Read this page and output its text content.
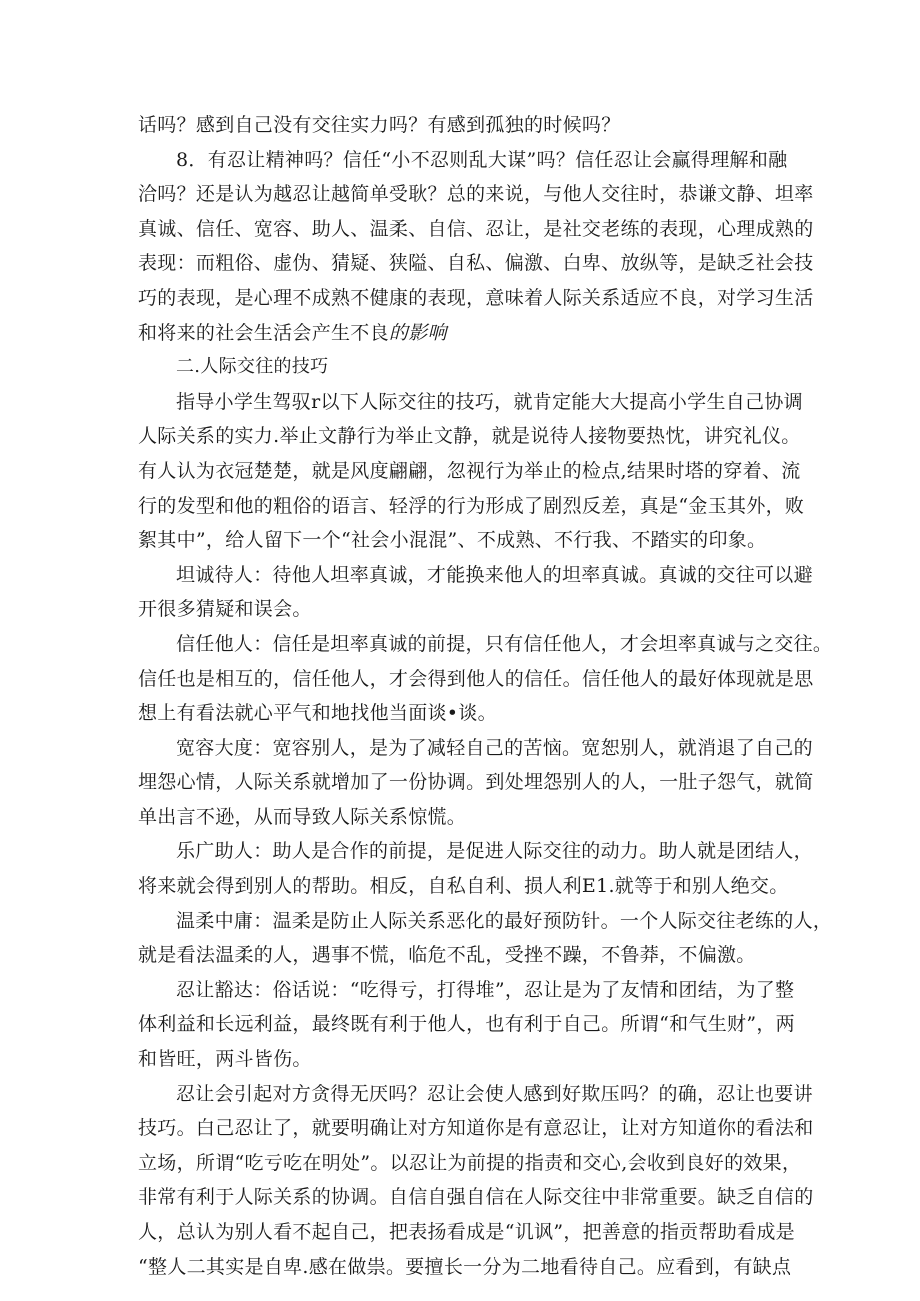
话吗？感到自己没有交往实力吗？有感到孤独的时候吗？
8．有忍让精神吗？信任“小不忍则乱大谋”吗？信任忍让会赢得理解和融
洽吗？还是认为越忍让越简单受耿？总的来说，与他人交往时，恭谦文静、坦率
真诚、信任、宽容、助人、温柔、自信、忍让，是社交老练的表现，心理成熟的
表现：而粗俗、虚伪、猜疑、狭隘、自私、偏激、白卑、放纵等，是缺乏社会技
巧的表现，是心理不成熟不健康的表现，意味着人际关系适应不良，对学习生活
和将来的社会生活会产生不良的影响
二.人际交往的技巧
指导小学生驾驭r以下人际交往的技巧，就肯定能大大提高小学生自己协调
人际关系的实力.举止文静行为举止文静，就是说待人接物要热忱，讲究礼仪。
有人认为衣冠楚楚，就是风度翩翩，忽视行为举止的检点,结果时塔的穿着、流
行的发型和他的粗俗的语言、轻浮的行为形成了剧烈反差，真是“金玉其外，败
絮其中”，给人留下一个“社会小混混”、不成熟、不行我、不踏实的印象。
坦诚待人：待他人坦率真诚，才能换来他人的坦率真诚。真诚的交往可以避
开很多猜疑和误会。
信任他人：信任是坦率真诚的前提，只有信任他人，才会坦率真诚与之交往。
信任也是相互的，信任他人，才会得到他人的信任。信任他人的最好体现就是思
想上有看法就心平气和地找他当面谈•谈。
宽容大度：宽容别人，是为了减轻自己的苦恼。宽恕别人，就消退了自己的
埋怨心情，人际关系就增加了一份协调。到处埋怨别人的人，一肚子怨气，就简
单出言不逊，从而导致人际关系惊慌。
乐广助人：助人是合作的前提，是促进人际交往的动力。助人就是团结人，
将来就会得到别人的帮助。相反，自私自利、损人利E1.就等于和别人绝交。
温柔中庸：温柔是防止人际关系恶化的最好预防针。一个人际交往老练的人，
就是看法温柔的人，遇事不慌，临危不乱，受挫不躁，不鲁莽，不偏激。
忍让豁达：俗话说：“吃得亏，打得堆”，忍让是为了友情和团结，为了整
体利益和长远利益，最终既有利于他人，也有利于自己。所谓“和气生财”，两
和皆旺，两斗皆伤。
忍让会引起对方贪得无厌吗？忍让会使人感到好欺压吗？的确，忍让也要讲
技巧。白己忍让了，就要明确让对方知道你是有意忍让，让对方知道你的看法和
立场，所谓“吃亏吃在明处”。以忍让为前提的指责和交心,会收到良好的效果，
非常有利于人际关系的协调。自信自强自信在人际交往中非常重要。缺乏自信的
人，总认为别人看不起自己，把表扬看成是“讥讽”，把善意的指贡帮助看成是
“整人二其实是自卑.感在做祟。要擅长一分为二地看待自己。应看到，有缺点
